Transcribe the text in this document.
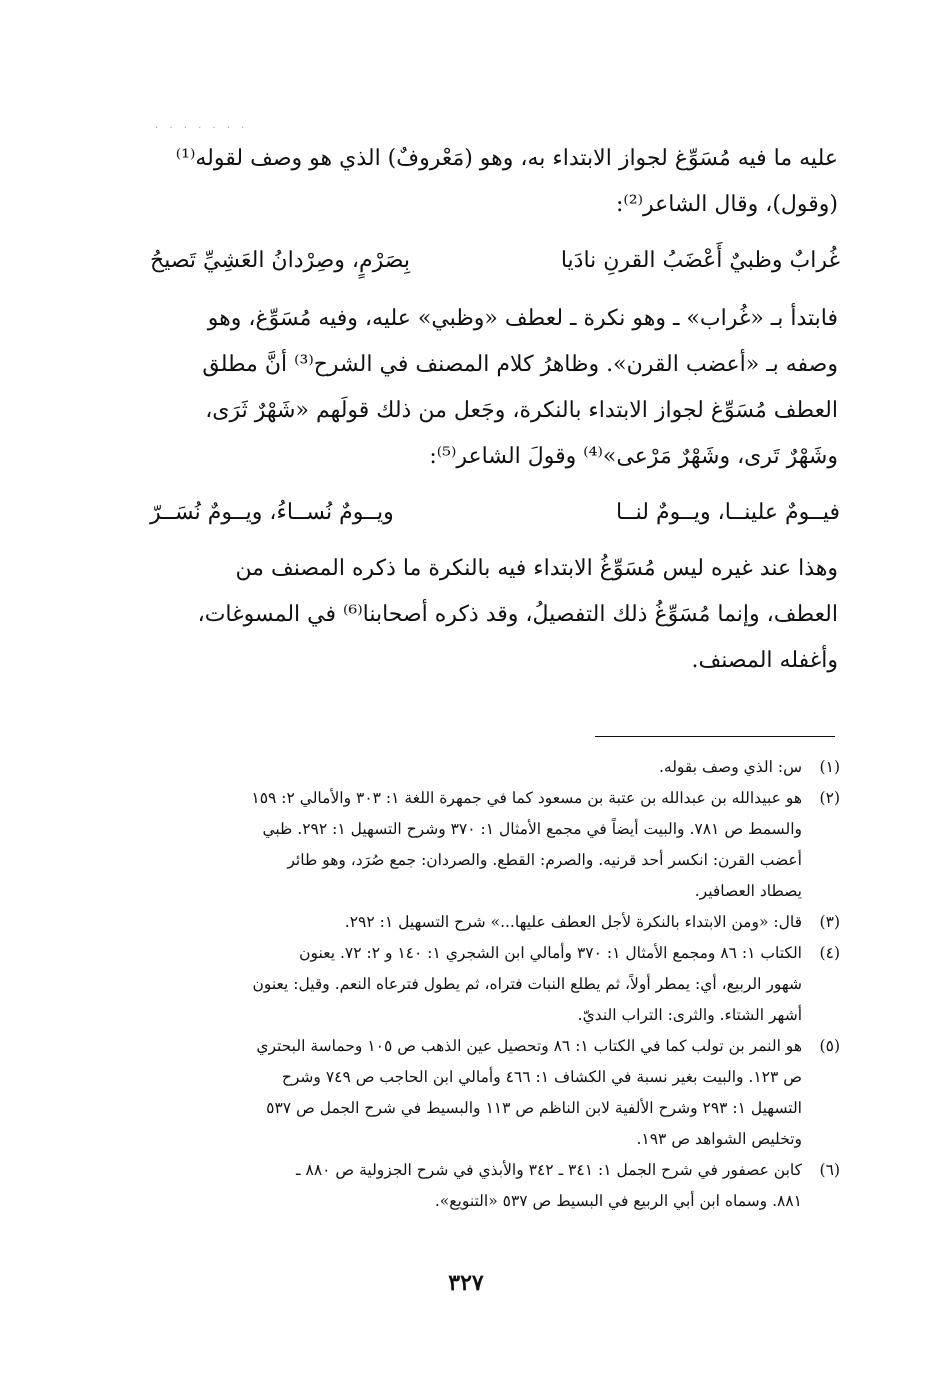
. . . . . . .
عليه ما فيه مُسَوِّغ لجواز الابتداء به، وهو (مَعْروفٌ) الذي هو وصف لقوله⁽¹⁾
(وقول)، وقال الشاعر⁽²⁾:
غُرابٌ وظبيٌ أَعْضَبُ القرنِ نادَيا
بِصَرْمٍ، وصِرْدانُ العَشِيِّ تَصيحُ
فابتدأ بـ «غُراب» ـ وهو نكرة ـ لعطف «وظبي» عليه، وفيه مُسَوِّغ، وهو
وصفه بـ «أعضب القرن». وظاهرُ كلام المصنف في الشرح⁽³⁾ أنَّ مطلق
العطف مُسَوِّغ لجواز الابتداء بالنكرة، وجَعل من ذلك قولَهم «شَهْرٌ ثَرَى،
وشَهْرٌ تَرى، وشَهْرٌ مَرْعى»⁽⁴⁾ وقولَ الشاعر⁽⁵⁾:
فيــومٌ علينــا، ويــومٌ لنــا
ويــومٌ نُســاءُ، ويــومٌ نُسَــرّ
وهذا عند غيره ليس مُسَوِّغُ الابتداء فيه بالنكرة ما ذكره المصنف من
العطف، وإنما مُسَوِّغُ ذلك التفصيلُ، وقد ذكره أصحابنا⁽⁶⁾ في المسوغات،
وأغفله المصنف.
(١)
س: الذي وصف بقوله.
(٢)
هو عبيدالله بن عبدالله بن عتبة بن مسعود كما في جمهرة اللغة ١: ٣٠٣ والأمالي ٢: ١٥٩
والسمط ص ٧٨١. والبيت أيضاً في مجمع الأمثال ١: ٣٧٠ وشرح التسهيل ١: ٢٩٢. ظبي
أعضب القرن: انكسر أحد قرنيه. والصرم: القطع. والصردان: جمع صُرَد، وهو طائر
يصطاد العصافير.
(٣)
قال: «ومن الابتداء بالنكرة لأجل العطف عليها...» شرح التسهيل ١: ٢٩٢.
(٤)
الكتاب ١: ٨٦ ومجمع الأمثال ١: ٣٧٠ وأمالي ابن الشجري ١: ١٤٠ و ٢: ٧٢. يعنون
شهور الربيع، أي: يمطر أولاً، ثم يطلع النبات فتراه، ثم يطول فترعاه النعم. وقيل: يعنون
أشهر الشتاء. والثرى: التراب النديّ.
(٥)
هو النمر بن تولب كما في الكتاب ١: ٨٦ وتحصيل عين الذهب ص ١٠٥ وحماسة البحتري
ص ١٢٣. والبيت بغير نسبة في الكشاف ١: ٤٦٦ وأمالي ابن الحاجب ص ٧٤٩ وشرح
التسهيل ١: ٢٩٣ وشرح الألفية لابن الناظم ص ١١٣ والبسيط في شرح الجمل ص ٥٣٧
وتخليص الشواهد ص ١٩٣.
(٦)
كابن عصفور في شرح الجمل ١: ٣٤١ ـ ٣٤٢ والأبذي في شرح الجزولية ص ٨٨٠ ـ
٨٨١. وسماه ابن أبي الربيع في البسيط ص ٥٣٧ «التنويع».
٣٢٧
